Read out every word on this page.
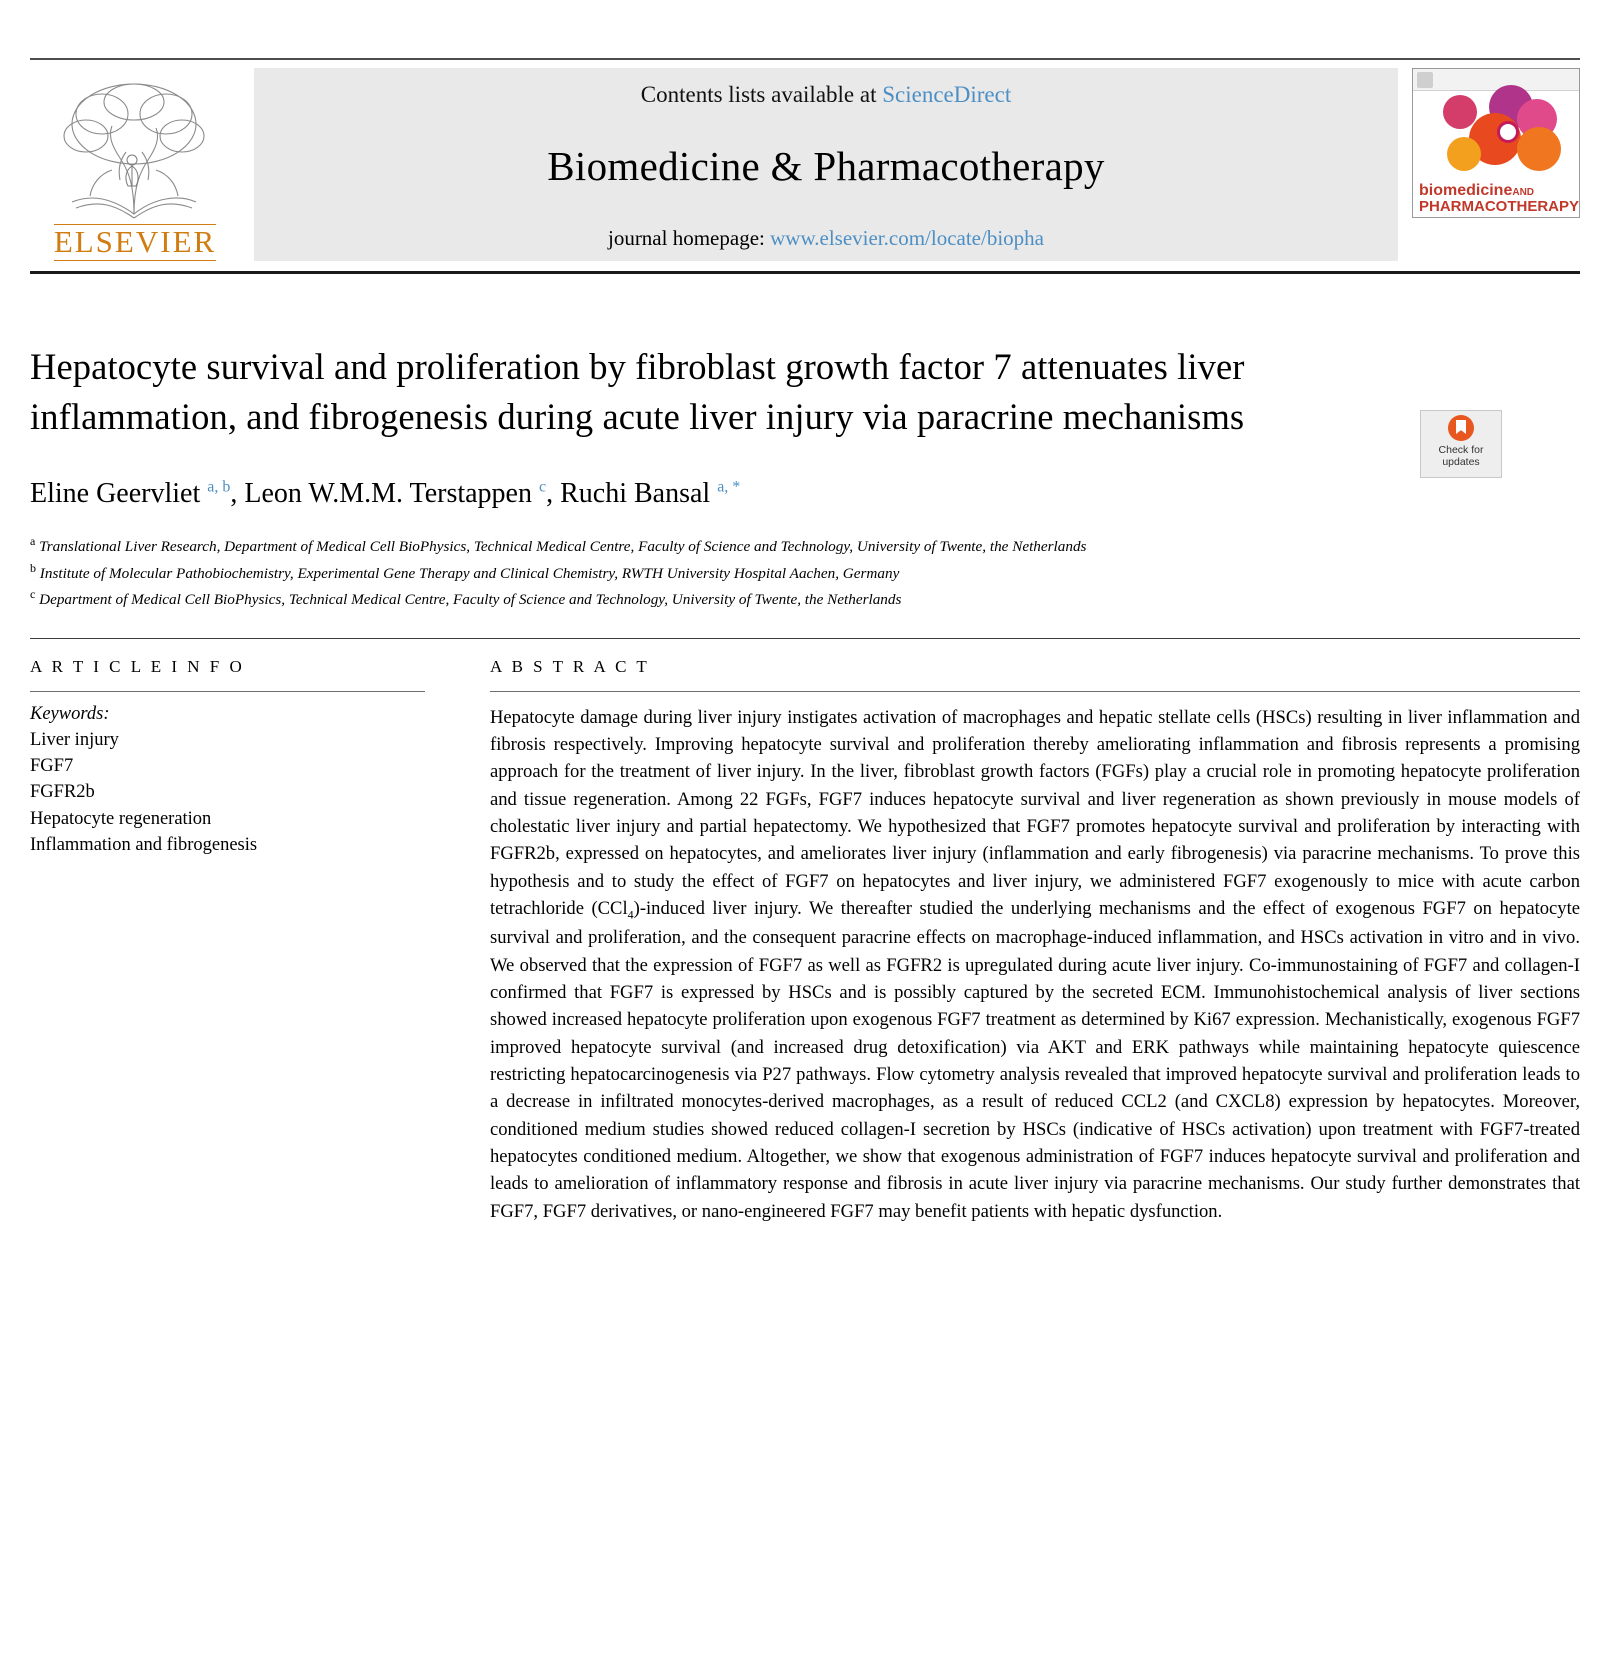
ELSEVIER
Contents lists available at ScienceDirect
Biomedicine & Pharmacotherapy
journal homepage: www.elsevier.com/locate/biopha
biomedicineAND
PHARMACOTHERAPY
Check for
updates
Hepatocyte survival and proliferation by fibroblast growth factor 7 attenuates liver inflammation, and fibrogenesis during acute liver injury via paracrine mechanisms
Eline Geervliet $^{a, b}$, Leon W.M.M. Terstappen $^c$, Ruchi Bansal $^{a, *}$
$^a$ Translational Liver Research, Department of Medical Cell BioPhysics, Technical Medical Centre, Faculty of Science and Technology, University of Twente, the Netherlands
$^b$ Institute of Molecular Pathobiochemistry, Experimental Gene Therapy and Clinical Chemistry, RWTH University Hospital Aachen, Germany
$^c$ Department of Medical Cell BioPhysics, Technical Medical Centre, Faculty of Science and Technology, University of Twente, the Netherlands
A R T I C L E I N F O
Keywords:
Liver injury
FGF7
FGFR2b
Hepatocyte regeneration
Inflammation and fibrogenesis
A B S T R A C T
Hepatocyte damage during liver injury instigates activation of macrophages and hepatic stellate cells (HSCs) resulting in liver inflammation and fibrosis respectively. Improving hepatocyte survival and proliferation thereby ameliorating inflammation and fibrosis represents a promising approach for the treatment of liver injury. In the liver, fibroblast growth factors (FGFs) play a crucial role in promoting hepatocyte proliferation and tissue regeneration. Among 22 FGFs, FGF7 induces hepatocyte survival and liver regeneration as shown previously in mouse models of cholestatic liver injury and partial hepatectomy. We hypothesized that FGF7 promotes hepatocyte survival and proliferation by interacting with FGFR2b, expressed on hepatocytes, and ameliorates liver injury (inflammation and early fibrogenesis) via paracrine mechanisms. To prove this hypothesis and to study the effect of FGF7 on hepatocytes and liver injury, we administered FGF7 exogenously to mice with acute carbon tetrachloride (CCl$_4$)-induced liver injury. We thereafter studied the underlying mechanisms and the effect of exogenous FGF7 on hepatocyte survival and proliferation, and the consequent paracrine effects on macrophage-induced inflammation, and HSCs activation in vitro and in vivo. We observed that the expression of FGF7 as well as FGFR2 is upregulated during acute liver injury. Co-immunostaining of FGF7 and collagen-I confirmed that FGF7 is expressed by HSCs and is possibly captured by the secreted ECM. Immunohistochemical analysis of liver sections showed increased hepatocyte proliferation upon exogenous FGF7 treatment as determined by Ki67 expression. Mechanistically, exogenous FGF7 improved hepatocyte survival (and increased drug detoxification) via AKT and ERK pathways while maintaining hepatocyte quiescence restricting hepatocarcinogenesis via P27 pathways. Flow cytometry analysis revealed that improved hepatocyte survival and proliferation leads to a decrease in infiltrated monocytes-derived macrophages, as a result of reduced CCL2 (and CXCL8) expression by hepatocytes. Moreover, conditioned medium studies showed reduced collagen-I secretion by HSCs (indicative of HSCs activation) upon treatment with FGF7-treated hepatocytes conditioned medium. Altogether, we show that exogenous administration of FGF7 induces hepatocyte survival and proliferation and leads to amelioration of inflammatory response and fibrosis in acute liver injury via paracrine mechanisms. Our study further demonstrates that FGF7, FGF7 derivatives, or nano-engineered FGF7 may benefit patients with hepatic dysfunction.
